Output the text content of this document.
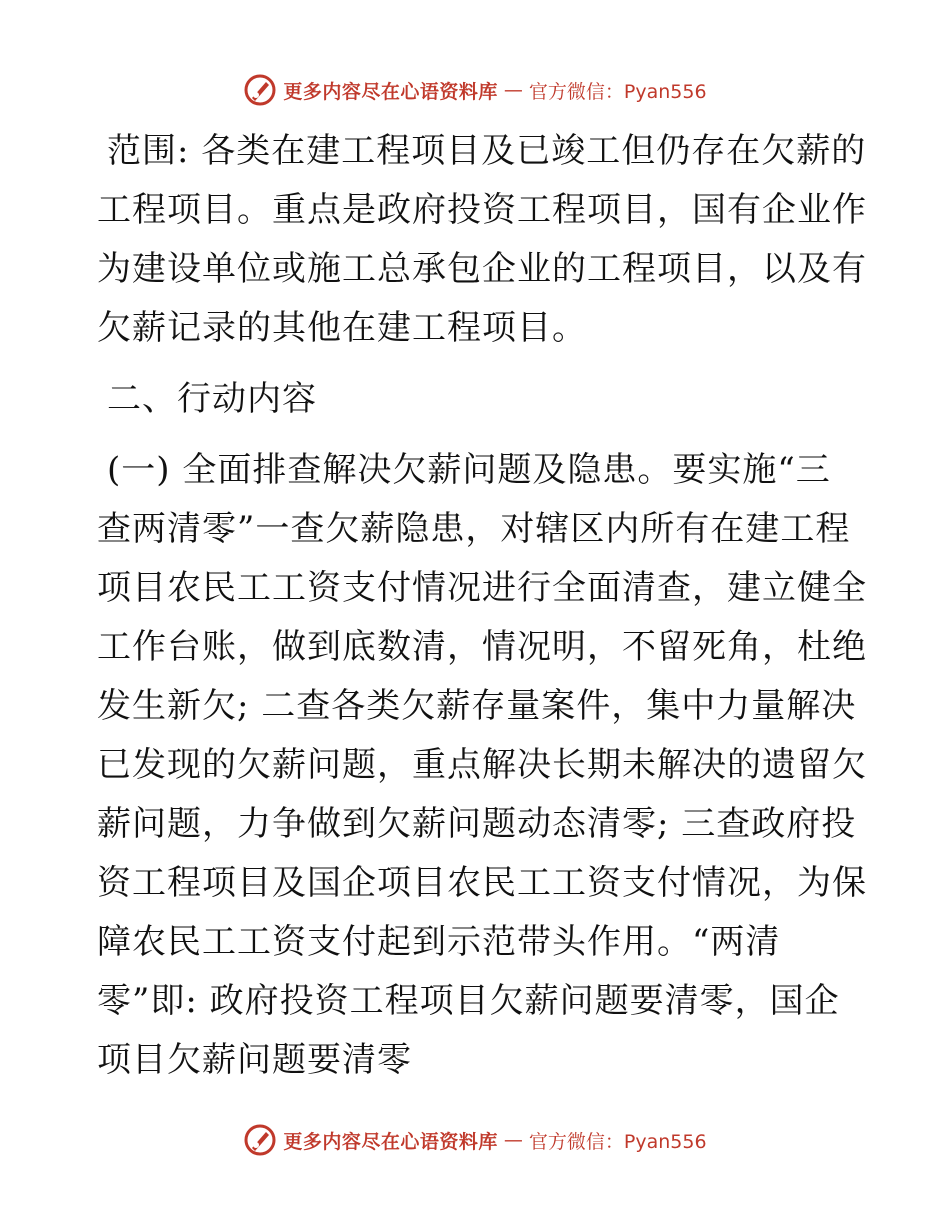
更多内容尽在心语资料库 — 官方微信：Pyan556
范围: 各类在建工程项目及已竣工但仍存在欠薪的
工程项目。重点是政府投资工程项目，国有企业作
为建设单位或施工总承包企业的工程项目，以及有
欠薪记录的其他在建工程项目。
二、行动内容
(一) 全面排查解决欠薪问题及隐患。要实施“三
查两清零”一查欠薪隐患，对辖区内所有在建工程
项目农民工工资支付情况进行全面清查，建立健全
工作台账，做到底数清，情况明，不留死角，杜绝
发生新欠; 二查各类欠薪存量案件，集中力量解决
已发现的欠薪问题，重点解决长期未解决的遗留欠
薪问题，力争做到欠薪问题动态清零; 三查政府投
资工程项目及国企项目农民工工资支付情况，为保
障农民工工资支付起到示范带头作用。“两清
零”即: 政府投资工程项目欠薪问题要清零，国企
项目欠薪问题要清零
更多内容尽在心语资料库 — 官方微信：Pyan556
